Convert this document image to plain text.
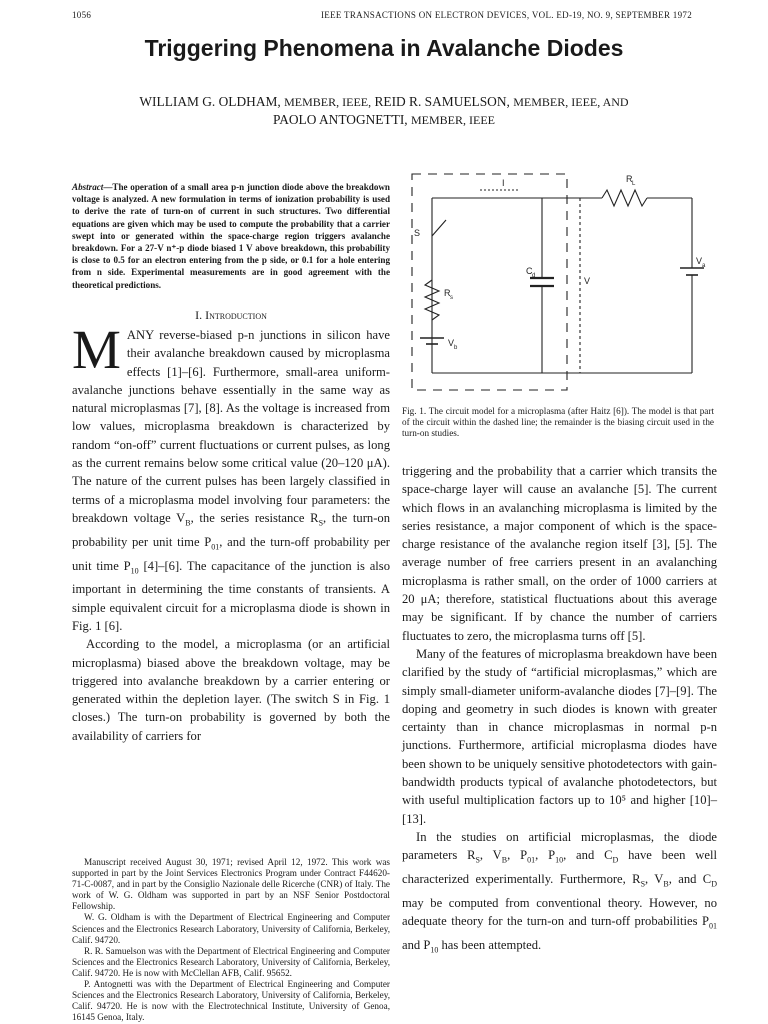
1056	IEEE TRANSACTIONS ON ELECTRON DEVICES, VOL. ED-19, NO. 9, SEPTEMBER 1972
Triggering Phenomena in Avalanche Diodes
WILLIAM G. OLDHAM, MEMBER, IEEE, REID R. SAMUELSON, MEMBER, IEEE, AND
PAOLO ANTOGNETTI, MEMBER, IEEE
Abstract—The operation of a small area p-n junction diode above the breakdown voltage is analyzed. A new formulation in terms of ionization probability is used to derive the rate of turn-on of current in such structures. Two differential equations are given which may be used to compute the probability that a carrier swept into or generated within the space-charge region triggers avalanche breakdown. For a 27-V n⁺-p diode biased 1 V above breakdown, this probability is close to 0.5 for an electron entering from the p side, or 0.1 for a hole entering from n side. Experimental measurements are in good agreement with the theoretical predictions.
I. Introduction

MANY reverse-biased p-n junctions in silicon have their avalanche breakdown caused by microplasma effects [1]–[6]. Furthermore, small-area uniform-avalanche junctions behave essentially in the same way as natural microplasmas [7], [8]. As the voltage is increased from low values, microplasma breakdown is characterized by random “on-off” current fluctuations or current pulses, as long as the current remains below some critical value (20–120 μA). The nature of the current pulses has been largely classified in terms of a microplasma model involving four parameters: the breakdown voltage $V_B$, the series resistance $R_S$, the turn-on probability per unit time $P_{01}$, and the turn-off probability per unit time $P_{10}$ [4]–[6]. The capacitance of the junction is also important in determining the time constants of transients. A simple equivalent circuit for a microplasma diode is shown in Fig. 1 [6].

According to the model, a microplasma (or an artificial microplasma) biased above the breakdown voltage, may be triggered into avalanche breakdown by a carrier entering or generated within the depletion layer. (The switch S in Fig. 1 closes.) The turn-on probability is governed by both the availability of carriers for

Manuscript received August 30, 1971; revised April 12, 1972. This work was supported in part by the Joint Services Electronics Program under Contract F44620-71-C-0087, and in part by the Consiglio Nazionale delle Ricerche (CNR) of Italy. The work of W. G. Oldham was supported in part by an NSF Senior Postdoctoral Fellowship.

W. G. Oldham is with the Department of Electrical Engineering and Computer Sciences and the Electronics Research Laboratory, University of California, Berkeley, Calif. 94720.

R. R. Samuelson was with the Department of Electrical Engineering and Computer Sciences and the Electronics Research Laboratory, University of California, Berkeley, Calif. 94720. He is now with McClellan AFB, Calif. 95652.

P. Antognetti was with the Department of Electrical Engineering and Computer Sciences and the Electronics Research Laboratory, University of California, Berkeley, Calif. 94720. He is now with the Electrotechnical Institute, University of Genoa, 16145 Genoa, Italy.

I	R L
S
C d	V
V a
R s
V b
Fig. 1. The circuit model for a microplasma (after Haitz [6]). The model is that part of the circuit within the dashed line; the remainder is the biasing circuit used in the turn-on studies.

triggering and the probability that a carrier which transits the space-charge layer will cause an avalanche [5]. The current which flows in an avalanching microplasma is limited by the series resistance, a major component of which is the space-charge resistance of the avalanche region itself [3], [5]. The average number of free carriers present in an avalanching microplasma is rather small, on the order of 1000 carriers at 20 μA; therefore, statistical fluctuations about this average may be significant. If by chance the number of carriers fluctuates to zero, the microplasma turns off [5].

Many of the features of microplasma breakdown have been clarified by the study of “artificial microplasmas,” which are simply small-diameter uniform-avalanche diodes [7]–[9]. The doping and geometry in such diodes is known with greater certainty than in chance microplasmas in normal p-n junctions. Furthermore, artificial microplasma diodes have been shown to be uniquely sensitive photodetectors with gain-bandwidth products typical of avalanche photodetectors, but with useful multiplication factors up to 10⁵ and higher [10]–[13].

In the studies on artificial microplasmas, the diode parameters $R_S$, $V_B$, $P_{01}$, $P_{10}$, and $C_D$ have been well characterized experimentally. Furthermore, $R_S$, $V_B$, and $C_D$ may be computed from conventional theory. However, no adequate theory for the turn-on and turn-off probabilities $P_{01}$ and $P_{10}$ has been attempted.
